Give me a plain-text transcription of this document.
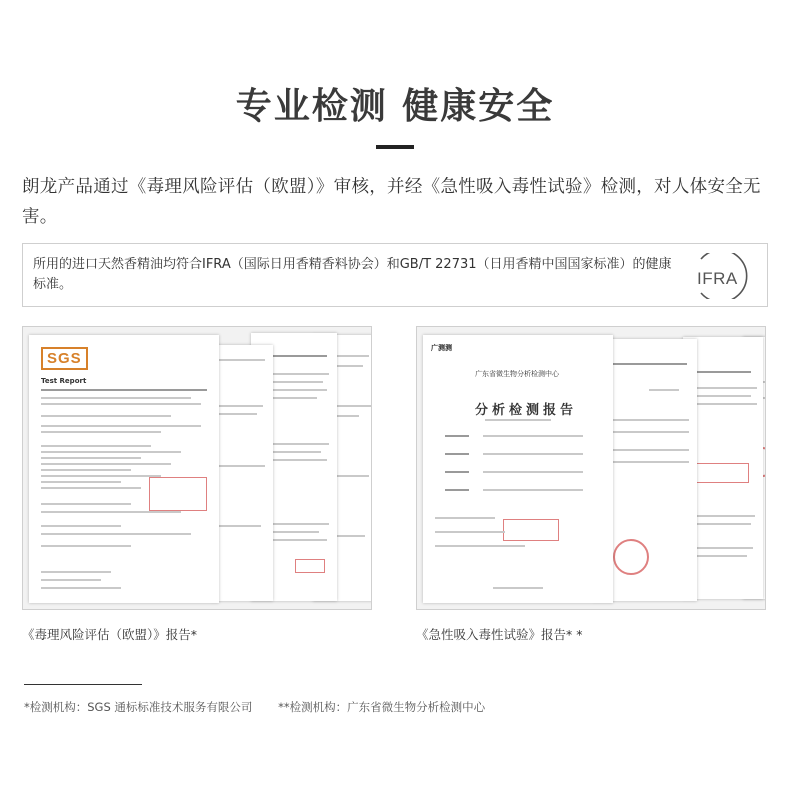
专业检测 健康安全

朗龙产品通过《毒理风险评估（欧盟）》审核，并经《急性吸入毒性试验》检测，对人体安全无害。

所用的进口天然香精油均符合IFRA（国际日用香精香料协会）和GB/T 22731（日用香精中国国家标准）的健康标准。	IFRA
SGS
Test Report
广测测
广东省微生物分析检测中心
分析检测报告
《毒理风险评估（欧盟）》报告*	《急性吸入毒性试验》报告* *
*检测机构：SGS 通标标准技术服务有限公司 **检测机构：广东省微生物分析检测中心
